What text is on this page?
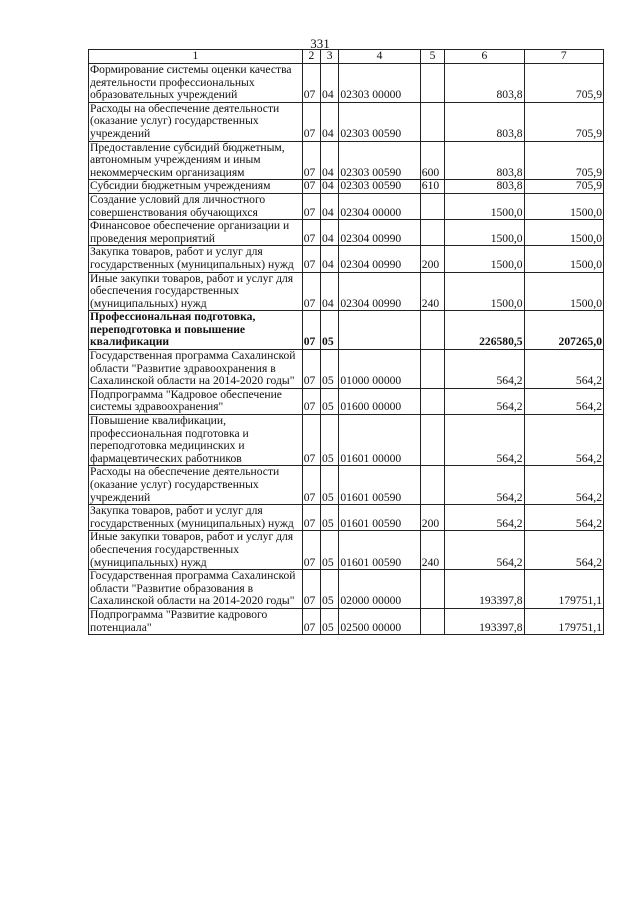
331
1	2	3	4	5	6	7
Формирование системы оценки качества деятельности профессиональных образовательных учреждений	07	04	02303 00000		803,8	705,9
Расходы на обеспечение деятельности (оказание услуг) государственных учреждений	07	04	02303 00590		803,8	705,9
Предоставление субсидий бюджетным, автономным учреждениям и иным некоммерческим организациям	07	04	02303 00590	600	803,8	705,9
Субсидии бюджетным учреждениям	07	04	02303 00590	610	803,8	705,9
Создание условий для личностного совершенствования обучающихся	07	04	02304 00000		1500,0	1500,0
Финансовое обеспечение организации и проведения мероприятий	07	04	02304 00990		1500,0	1500,0
Закупка товаров, работ и услуг для государственных (муниципальных) нужд	07	04	02304 00990	200	1500,0	1500,0
Иные закупки товаров, работ и услуг для обеспечения государственных (муниципальных) нужд	07	04	02304 00990	240	1500,0	1500,0
Профессиональная подготовка, переподготовка и повышение квалификации	07	05			226580,5	207265,0
Государственная программа Сахалинской области "Развитие здравоохранения в Сахалинской области на 2014-2020 годы"	07	05	01000 00000		564,2	564,2
Подпрограмма "Кадровое обеспечение системы здравоохранения"	07	05	01600 00000		564,2	564,2
Повышение квалификации, профессиональная подготовка и переподготовка медицинских и фармацевтических работников	07	05	01601 00000		564,2	564,2
Расходы на обеспечение деятельности (оказание услуг) государственных учреждений	07	05	01601 00590		564,2	564,2
Закупка товаров, работ и услуг для государственных (муниципальных) нужд	07	05	01601 00590	200	564,2	564,2
Иные закупки товаров, работ и услуг для обеспечения государственных (муниципальных) нужд	07	05	01601 00590	240	564,2	564,2
Государственная программа Сахалинской области "Развитие образования в Сахалинской области на 2014-2020 годы"	07	05	02000 00000		193397,8	179751,1
Подпрограмма "Развитие кадрового потенциала"	07	05	02500 00000		193397,8	179751,1
